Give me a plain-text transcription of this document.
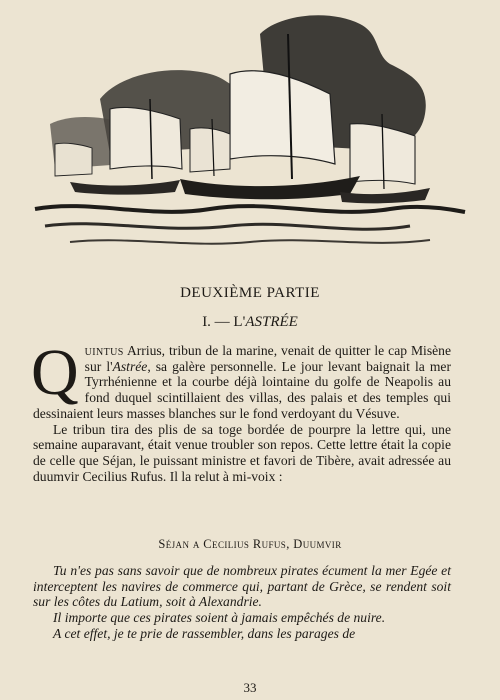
DEUXIÈME PARTIE
I. — L'ASTRÉE

Quintus Arrius, tribun de la marine, venait de quitter le cap Misène sur l'Astrée, sa galère personnelle. Le jour levant baignait la mer Tyrrhénienne et la courbe déjà lointaine du golfe de Neapolis au fond duquel scintillaient des villas, des palais et des temples qui dessinaient leurs masses blanches sur le fond verdoyant du Vésuve.

Le tribun tira des plis de sa toge bordée de pourpre la lettre qui, une semaine auparavant, était venue troubler son repos. Cette lettre était la copie de celle que Séjan, le puissant ministre et favori de Tibère, avait adressée au duumvir Cecilius Rufus. Il la relut à mi-voix :

Séjan a Cecilius Rufus, Duumvir

Tu n'es pas sans savoir que de nombreux pirates écument la mer Egée et interceptent les navires de commerce qui, partant de Grèce, se rendent soit sur les côtes du Latium, soit à Alexandrie.

Il importe que ces pirates soient à jamais empêchés de nuire.

A cet effet, je te prie de rassembler, dans les parages de

33
